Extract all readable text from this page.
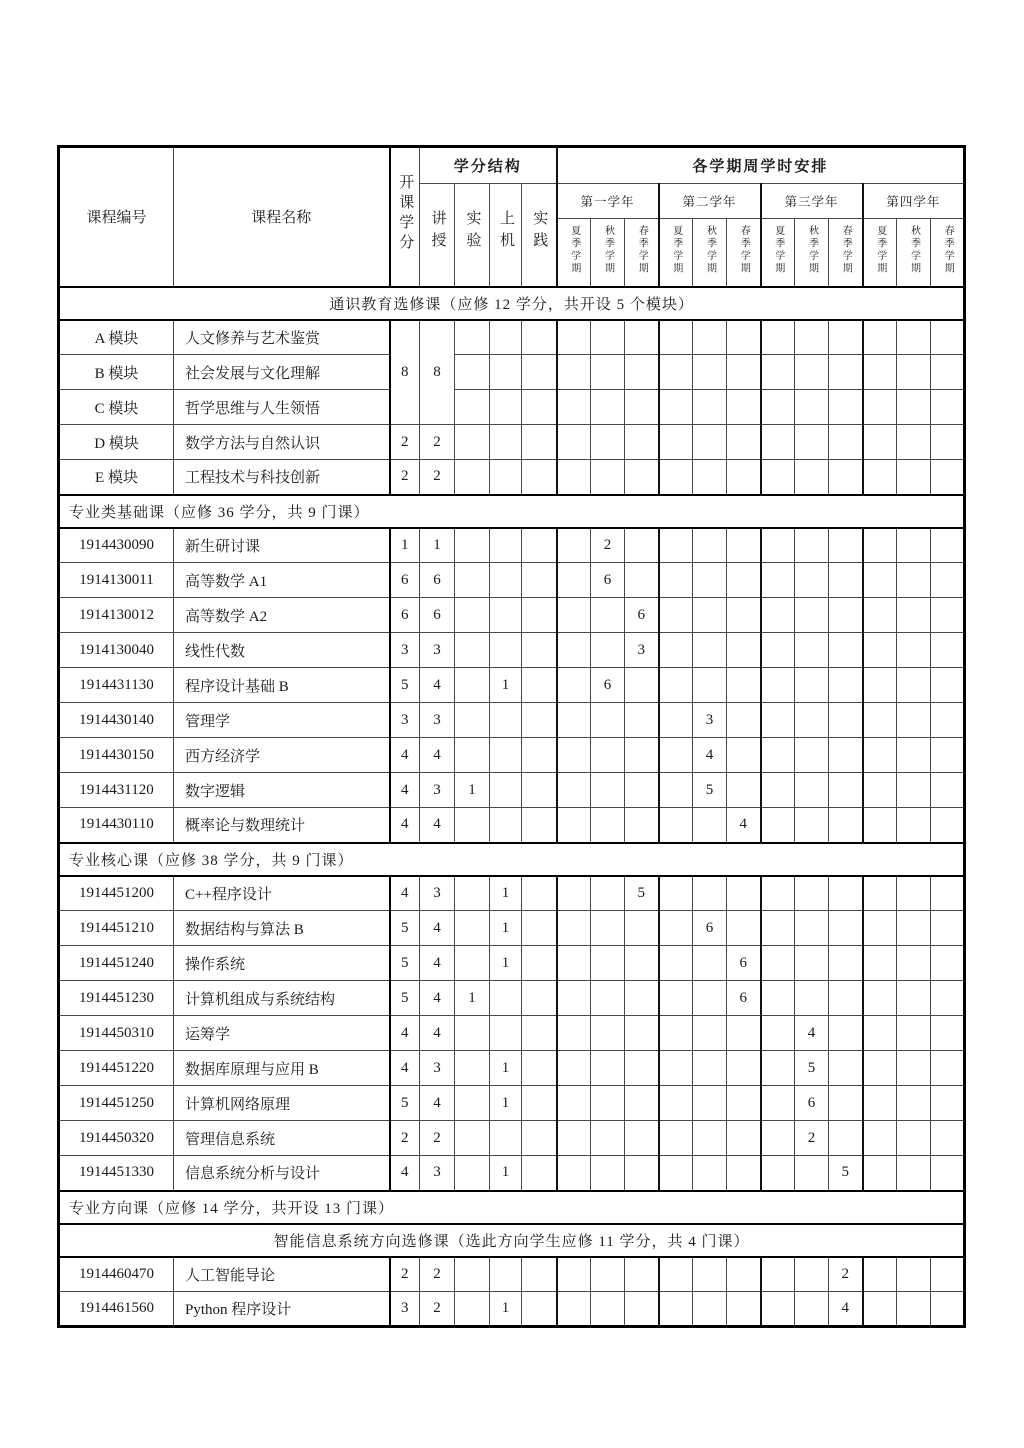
课程编号	课程名称	开课学分	学分结构				各学期周学时安排											
			讲授	实验	上机	实践	第一学年			第二学年			第三学年			第四学年		
							夏季学期	秋季学期	春季学期	夏季学期	秋季学期	春季学期	夏季学期	秋季学期	春季学期	夏季学期	秋季学期	春季学期
通识教育选修课（应修 12 学分，共开设 5 个模块）																		
A 模块	人文修养与艺术鉴赏	8	8															
B 模块	社会发展与文化理解																	
C 模块	哲学思维与人生领悟																	
D 模块	数学方法与自然认识	2	2															
E 模块	工程技术与科技创新	2	2															
专业类基础课（应修 36 学分，共 9 门课）																		
1914430090	新生研讨课	1	1					2										
1914130011	高等数学 A1	6	6					6										
1914130012	高等数学 A2	6	6						6									
1914130040	线性代数	3	3						3									
1914431130	程序设计基础 B	5	4		1			6										
1914430140	管理学	3	3								3							
1914430150	西方经济学	4	4								4							
1914431120	数字逻辑	4	3	1							5							
1914430110	概率论与数理统计	4	4									4						
专业核心课（应修 38 学分，共 9 门课）																		
1914451200	C++程序设计	4	3		1				5									
1914451210	数据结构与算法 B	5	4		1						6							
1914451240	操作系统	5	4		1							6						
1914451230	计算机组成与系统结构	5	4	1								6						
1914450310	运筹学	4	4											4				
1914451220	数据库原理与应用 B	4	3		1									5				
1914451250	计算机网络原理	5	4		1									6				
1914450320	管理信息系统	2	2											2				
1914451330	信息系统分析与设计	4	3		1										5			
专业方向课（应修 14 学分，共开设 13 门课）																		
智能信息系统方向选修课（选此方向学生应修 11 学分，共 4 门课）																		
1914460470	人工智能导论	2	2												2			
1914461560	Python 程序设计	3	2		1										4			
